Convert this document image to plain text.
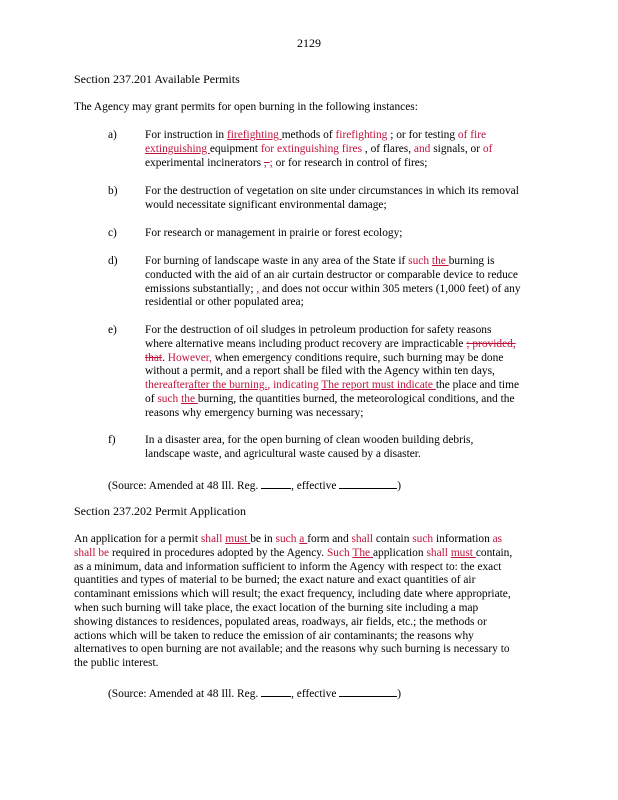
2129
Section 237.201 Available Permits
The Agency may grant permits for open burning in the following instances:
a) For instruction in firefighting methods of firefighting ; or for testing of fire
extinguishing equipment for extinguishing fires , of flares, and signals, or of
experimental incinerators , ; or for research in control of fires;
b) For the destruction of vegetation on site under circumstances in which its removal
would necessitate significant environmental damage;
c) For research or management in prairie or forest ecology;
d) For burning of landscape waste in any area of the State if such the burning is
conducted with the aid of an air curtain destructor or comparable device to reduce
emissions substantially; , and does not occur within 305 meters (1,000 feet) of any
residential or other populated area;
e) For the destruction of oil sludges in petroleum production for safety reasons
where alternative means including product recovery are impracticable ; provided,
that. However, when emergency conditions require, such burning may be done
without a permit, and a report shall be filed with the Agency within ten days,
thereafterafter the burning., indicating The report must indicate the place and time
of such the burning, the quantities burned, the meteorological conditions, and the
reasons why emergency burning was necessary;
f)	In a disaster area, for the open burning of clean wooden building debris,
landscape waste, and agricultural waste caused by a disaster.
(Source: Amended at 48 Ill. Reg.	, effective	)
Section 237.202 Permit Application
An application for a permit shall must be in such a form and shall contain such information as
shall be required in procedures adopted by the Agency. Such The application shall must contain,
as a minimum, data and information sufficient to inform the Agency with respect to: the exact
quantities and types of material to be burned; the exact nature and exact quantities of air
contaminant emissions which will result; the exact frequency, including date where appropriate,
when such burning will take place, the exact location of the burning site including a map
showing distances to residences, populated areas, roadways, air fields, etc.; the methods or
actions which will be taken to reduce the emission of air contaminants; the reasons why
alternatives to open burning are not available; and the reasons why such burning is necessary to
the public interest.
(Source: Amended at 48 Ill. Reg.	, effective	)
